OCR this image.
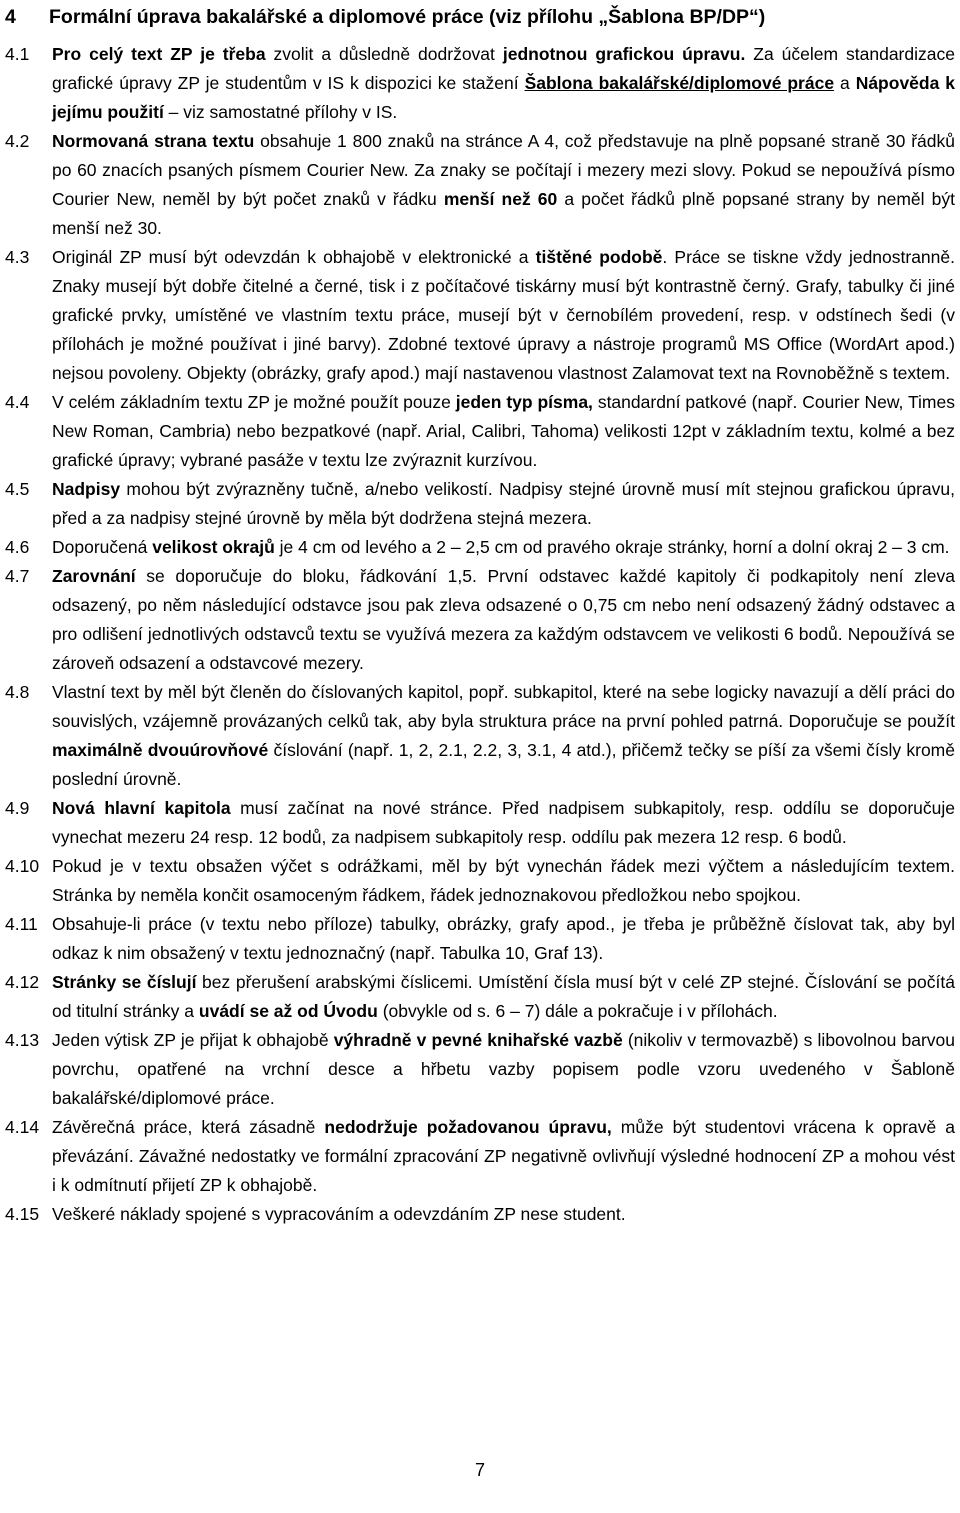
4 Formální úprava bakalářské a diplomové práce (viz přílohu „Šablona BP/DP“)
4.1	Pro celý text ZP je třeba zvolit a důsledně dodržovat jednotnou grafickou úpravu. Za účelem standardizace grafické úpravy ZP je studentům v IS k dispozici ke stažení Šablona bakalářské/diplomové práce a Nápověda k jejímu použití – viz samostatné přílohy v IS.
4.2	Normovaná strana textu obsahuje 1 800 znaků na stránce A 4, což představuje na plně popsané straně 30 řádků po 60 znacích psaných písmem Courier New. Za znaky se počítají i mezery mezi slovy. Pokud se nepoužívá písmo Courier New, neměl by být počet znaků v řádku menší než 60 a počet řádků plně popsané strany by neměl být menší než 30.
4.3	Originál ZP musí být odevzdán k obhajobě v elektronické a tištěné podobě. Práce se tiskne vždy jednostranně. Znaky musejí být dobře čitelné a černé, tisk i z počítačové tiskárny musí být kontrastně černý. Grafy, tabulky či jiné grafické prvky, umístěné ve vlastním textu práce, musejí být v černobílém provedení, resp. v odstínech šedi (v přílohách je možné používat i jiné barvy). Zdobné textové úpravy a nástroje programů MS Office (WordArt apod.) nejsou povoleny. Objekty (obrázky, grafy apod.) mají nastavenou vlastnost Zalamovat text na Rovnoběžně s textem.
4.4	V celém základním textu ZP je možné použít pouze jeden typ písma, standardní patkové (např. Courier New, Times New Roman, Cambria) nebo bezpatkové (např. Arial, Calibri, Tahoma) velikosti 12pt v základním textu, kolmé a bez grafické úpravy; vybrané pasáže v textu lze zvýraznit kurzívou.
4.5	Nadpisy mohou být zvýrazněny tučně, a/nebo velikostí. Nadpisy stejné úrovně musí mít stejnou grafickou úpravu, před a za nadpisy stejné úrovně by měla být dodržena stejná mezera.
4.6	Doporučená velikost okrajů je 4 cm od levého a 2 – 2,5 cm od pravého okraje stránky, horní a dolní okraj 2 – 3 cm.
4.7	Zarovnání se doporučuje do bloku, řádkování 1,5. První odstavec každé kapitoly či podkapitoly není zleva odsazený, po něm následující odstavce jsou pak zleva odsazené o 0,75 cm nebo není odsazený žádný odstavec a pro odlišení jednotlivých odstavců textu se využívá mezera za každým odstavcem ve velikosti 6 bodů. Nepoužívá se zároveň odsazení a odstavcové mezery.
4.8	Vlastní text by měl být členěn do číslovaných kapitol, popř. subkapitol, které na sebe logicky navazují a dělí práci do souvislých, vzájemně provázaných celků tak, aby byla struktura práce na první pohled patrná. Doporučuje se použít maximálně dvouúrovňové číslování (např. 1, 2, 2.1, 2.2, 3, 3.1, 4 atd.), přičemž tečky se píší za všemi čísly kromě poslední úrovně.
4.9	Nová hlavní kapitola musí začínat na nové stránce. Před nadpisem subkapitoly, resp. oddílu se doporučuje vynechat mezeru 24 resp. 12 bodů, za nadpisem subkapitoly resp. oddílu pak mezera 12 resp. 6 bodů.
4.10 Pokud je v textu obsažen výčet s odrážkami, měl by být vynechán řádek mezi výčtem a následujícím textem. Stránka by neměla končit osamoceným řádkem, řádek jednoznakovou předložkou nebo spojkou.
4.11 Obsahuje-li práce (v textu nebo příloze) tabulky, obrázky, grafy apod., je třeba je průběžně číslovat tak, aby byl odkaz k nim obsažený v textu jednoznačný (např. Tabulka 10, Graf 13).
4.12 Stránky se číslují bez přerušení arabskými číslicemi. Umístění čísla musí být v celé ZP stejné. Číslování se počítá od titulní stránky a uvádí se až od Úvodu (obvykle od s. 6 – 7) dále a pokračuje i v přílohách.
4.13 Jeden výtisk ZP je přijat k obhajobě výhradně v pevné knihařské vazbě (nikoliv v termovazbě) s libovolnou barvou povrchu, opatřené na vrchní desce a hřbetu vazby popisem podle vzoru uvedeného v Šabloně bakalářské/diplomové práce.
4.14 Závěrečná práce, která zásadně nedodržuje požadovanou úpravu, může být studentovi vrácena k opravě a převázání. Závažné nedostatky ve formální zpracování ZP negativně ovlivňují výsledné hodnocení ZP a mohou vést i k odmítnutí přijetí ZP k obhajobě.
4.15 Veškeré náklady spojené s vypracováním a odevzdáním ZP nese student.
7
